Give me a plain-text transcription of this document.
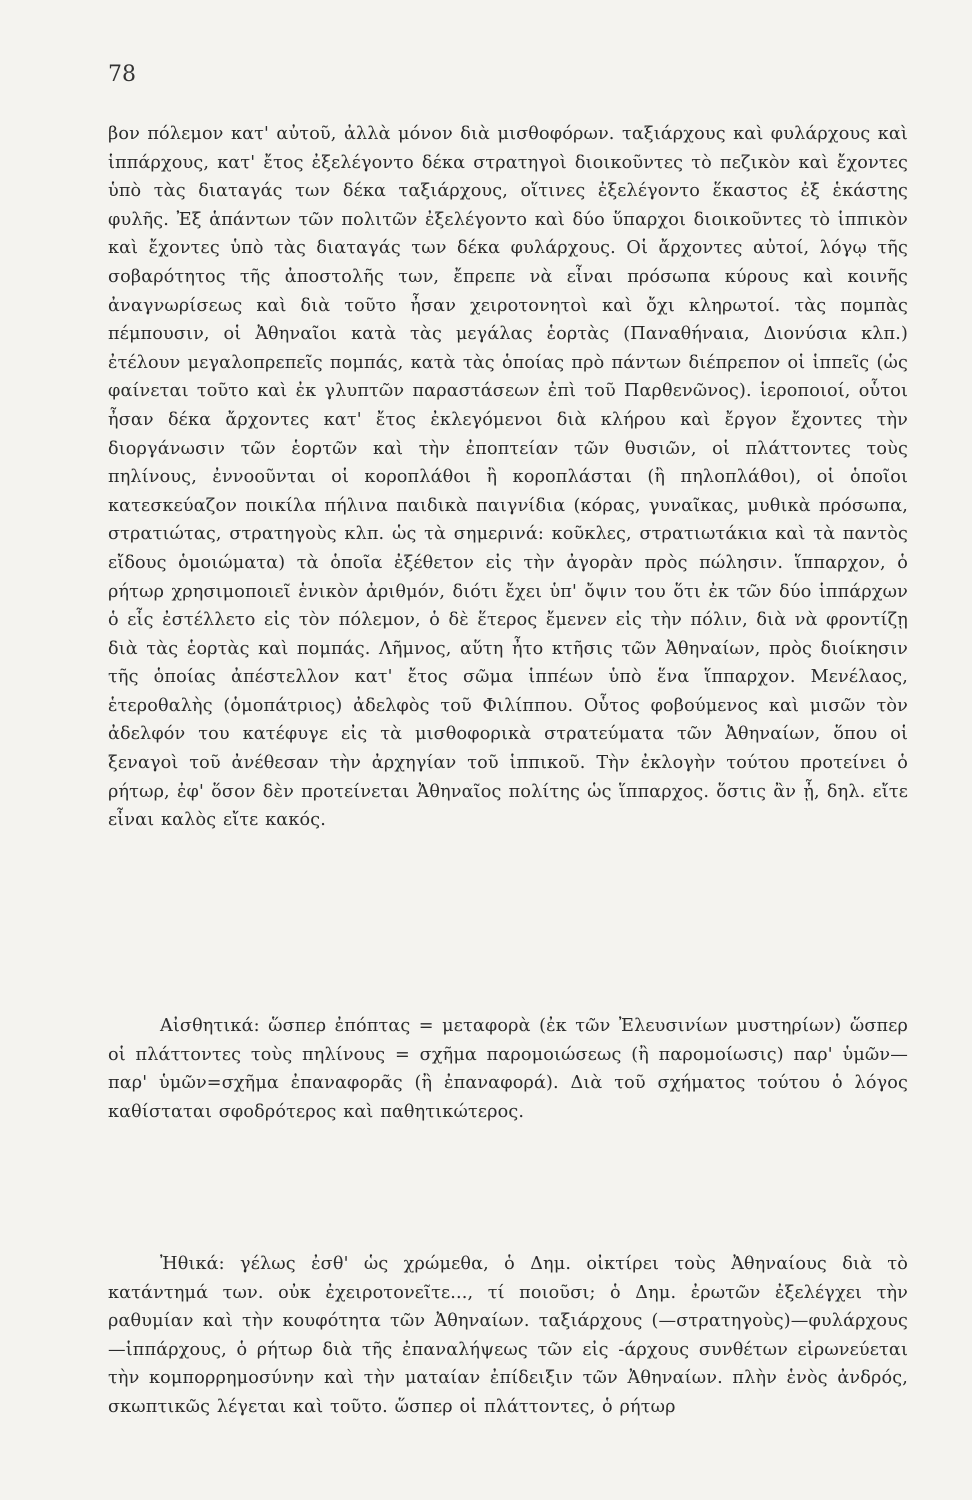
78

βον πόλεμον κατ' αὐτοῦ, ἀλλὰ μόνον διὰ μισθοφόρων. ταξιάρχους καὶ φυλάρχους καὶ ἱππάρχους, κατ' ἔτος ἐξελέγοντο δέκα στρατηγοὶ διοικοῦντες τὸ πεζικὸν καὶ ἔχοντες ὑπὸ τὰς διαταγάς των δέκα ταξιάρχους, οἵτινες ἐξελέγοντο ἕκαστος ἐξ ἑκάστης φυλῆς. Ἐξ ἁπάντων τῶν πολιτῶν ἐξελέγοντο καὶ δύο ὕπαρχοι διοικοῦντες τὸ ἱππικὸν καὶ ἔχοντες ὑπὸ τὰς διαταγάς των δέκα φυλάρχους. Οἱ ἄρχοντες αὐτοί, λόγῳ τῆς σοβαρότητος τῆς ἀποστολῆς των, ἔπρεπε νὰ εἶναι πρόσωπα κύρους καὶ κοινῆς ἀναγνωρίσεως καὶ διὰ τοῦτο ἦσαν χειροτονητοὶ καὶ ὄχι κληρωτοί. τὰς πομπὰς πέμπουσιν, οἱ Ἀθηναῖοι κατὰ τὰς μεγάλας ἑορτὰς (Παναθήναια, Διονύσια κλπ.) ἐτέλουν μεγαλοπρεπεῖς πομπάς, κατὰ τὰς ὁποίας πρὸ πάντων διέπρεπον οἱ ἱππεῖς (ὡς φαίνεται τοῦτο καὶ ἐκ γλυπτῶν παραστάσεων ἐπὶ τοῦ Παρθενῶνος). ἱεροποιοί, οὗτοι ἦσαν δέκα ἄρχοντες κατ' ἔτος ἐκλεγόμενοι διὰ κλήρου καὶ ἔργον ἔχοντες τὴν διοργάνωσιν τῶν ἑορτῶν καὶ τὴν ἐποπτείαν τῶν θυσιῶν, οἱ πλάττοντες τοὺς πηλίνους, ἐννοοῦνται οἱ κοροπλάθοι ἢ κοροπλάσται (ἢ πηλοπλάθοι), οἱ ὁποῖοι κατεσκεύαζον ποικίλα πήλινα παιδικὰ παιγνίδια (κόρας, γυναῖκας, μυθικὰ πρόσωπα, στρατιώτας, στρατηγοὺς κλπ. ὡς τὰ σημερινά: κοῦκλες, στρατιωτάκια καὶ τὰ παντὸς εἴδους ὁμοιώματα) τὰ ὁποῖα ἐξέθετον εἰς τὴν ἀγορὰν πρὸς πώλησιν. ἵππαρχον, ὁ ρήτωρ χρησιμοποιεῖ ἑνικὸν ἀριθμόν, διότι ἔχει ὑπ' ὄψιν του ὅτι ἐκ τῶν δύο ἱππάρχων ὁ εἷς ἐστέλλετο εἰς τὸν πόλεμον, ὁ δὲ ἕτερος ἔμενεν εἰς τὴν πόλιν, διὰ νὰ φροντίζῃ διὰ τὰς ἑορτὰς καὶ πομπάς. Λῆμνος, αὕτη ἦτο κτῆσις τῶν Ἀθηναίων, πρὸς διοίκησιν τῆς ὁποίας ἀπέστελλον κατ' ἔτος σῶμα ἱππέων ὑπὸ ἕνα ἵππαρχον. Μενέλαος, ἑτεροθαλὴς (ὁμοπάτριος) ἀδελφὸς τοῦ Φιλίππου. Οὗτος φοβούμενος καὶ μισῶν τὸν ἀδελφόν του κατέφυγε εἰς τὰ μισθοφορικὰ στρατεύματα τῶν Ἀθηναίων, ὅπου οἱ ξεναγοὶ τοῦ ἀνέθεσαν τὴν ἀρχηγίαν τοῦ ἱππικοῦ. Τὴν ἐκλογὴν τούτου προτείνει ὁ ρήτωρ, ἐφ' ὅσον δὲν προτείνεται Ἀθηναῖος πολίτης ὡς ἵππαρχος. ὅστις ἂν ᾖ, δηλ. εἴτε εἶναι καλὸς εἴτε κακός.

Αἰσθητικά: ὥσπερ ἐπόπτας = μεταφορὰ (ἐκ τῶν Ἐλευσινίων μυστηρίων) ὥσπερ οἱ πλάττοντες τοὺς πηλίνους = σχῆμα παρομοιώσεως (ἢ παρομοίωσις) παρ' ὑμῶν—παρ' ὑμῶν=σχῆμα ἐπαναφορᾶς (ἢ ἐπαναφορά). Διὰ τοῦ σχήματος τούτου ὁ λόγος καθίσταται σφοδρότερος καὶ παθητικώτερος.

Ἠθικά: γέλως ἐσθ' ὡς χρώμεθα, ὁ Δημ. οἰκτίρει τοὺς Ἀθηναίους διὰ τὸ κατάντημά των. οὐκ ἐχειροτονεῖτε..., τί ποιοῦσι; ὁ Δημ. ἐρωτῶν ἐξελέγχει τὴν ραθυμίαν καὶ τὴν κουφότητα τῶν Ἀθηναίων. ταξιάρχους (—στρατηγοὺς)—φυλάρχους—ἱππάρχους, ὁ ρήτωρ διὰ τῆς ἐπαναλήψεως τῶν εἰς -άρχους συνθέτων εἰρωνεύεται τὴν κομπορρημοσύνην καὶ τὴν ματαίαν ἐπίδειξιν τῶν Ἀθηναίων. πλὴν ἑνὸς ἀνδρός, σκωπτικῶς λέγεται καὶ τοῦτο. ὥσπερ οἱ πλάττοντες, ὁ ρήτωρ
